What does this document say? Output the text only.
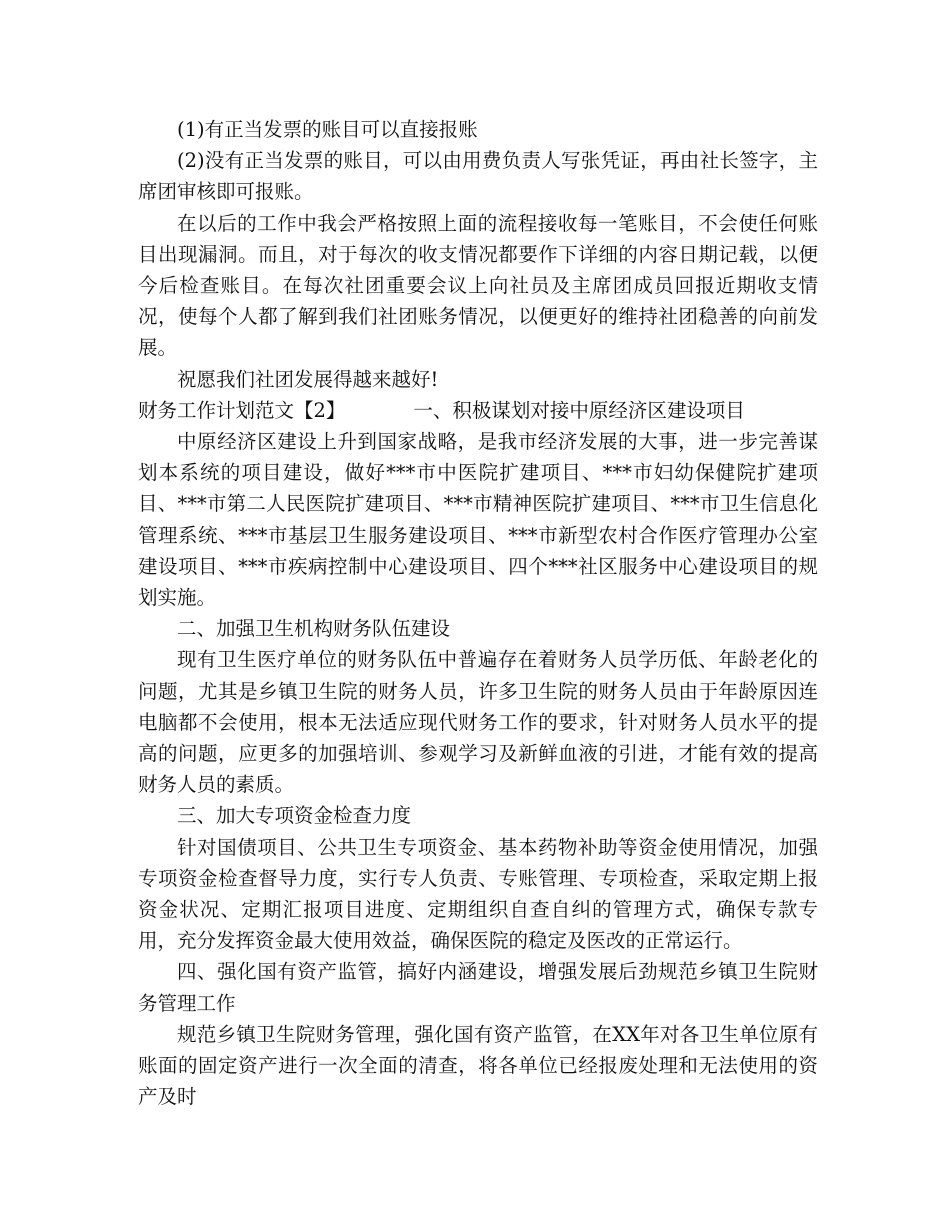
(1)有正当发票的账目可以直接报账

(2)没有正当发票的账目，可以由用费负责人写张凭证，再由社长签字，主席团审核即可报账。

在以后的工作中我会严格按照上面的流程接收每一笔账目，不会使任何账目出现漏洞。而且，对于每次的收支情况都要作下详细的内容日期记载，以便今后检查账目。在每次社团重要会议上向社员及主席团成员回报近期收支情况，使每个人都了解到我们社团账务情况，以便更好的维持社团稳善的向前发展。

祝愿我们社团发展得越来越好!

财务工作计划范文【2】	一、积极谋划对接中原经济区建设项目

中原经济区建设上升到国家战略，是我市经济发展的大事，进一步完善谋划本系统的项目建设，做好***市中医院扩建项目、***市妇幼保健院扩建项目、***市第二人民医院扩建项目、***市精神医院扩建项目、***市卫生信息化管理系统、***市基层卫生服务建设项目、***市新型农村合作医疗管理办公室建设项目、***市疾病控制中心建设项目、四个***社区服务中心建设项目的规划实施。

二、加强卫生机构财务队伍建设

现有卫生医疗单位的财务队伍中普遍存在着财务人员学历低、年龄老化的问题，尤其是乡镇卫生院的财务人员，许多卫生院的财务人员由于年龄原因连电脑都不会使用，根本无法适应现代财务工作的要求，针对财务人员水平的提高的问题，应更多的加强培训、参观学习及新鲜血液的引进，才能有效的提高财务人员的素质。

三、加大专项资金检查力度

针对国债项目、公共卫生专项资金、基本药物补助等资金使用情况，加强专项资金检查督导力度，实行专人负责、专账管理、专项检查，采取定期上报资金状况、定期汇报项目进度、定期组织自查自纠的管理方式，确保专款专用，充分发挥资金最大使用效益，确保医院的稳定及医改的正常运行。

四、强化国有资产监管，搞好内涵建设，增强发展后劲规范乡镇卫生院财务管理工作

规范乡镇卫生院财务管理，强化国有资产监管，在XX年对各卫生单位原有账面的固定资产进行一次全面的清查，将各单位已经报废处理和无法使用的资产及时
